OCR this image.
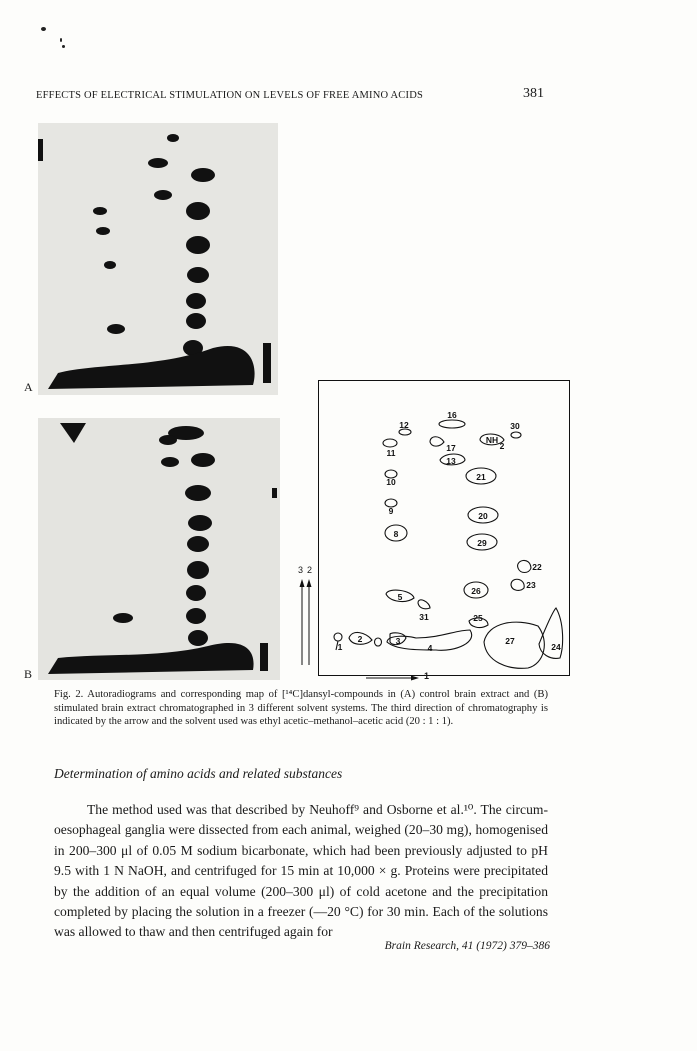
EFFECTS OF ELECTRICAL STIMULATION ON LEVELS OF FREE AMINO ACIDS	381
A
B
3 2
1
2	3
4
5
8
9
10
11
12
16
17
13
NH
2
30
21
20
29
22
23
26
31	25
27
24
1
Fig. 2. Autoradiograms and corresponding map of [¹⁴C]dansyl-compounds in (A) control brain extract and (B) stimulated brain extract chromatographed in 3 different solvent systems. The third direction of chromatography is indicated by the arrow and the solvent used was ethyl acetic–methanol–acetic acid (20 : 1 : 1).
Determination of amino acids and related substances

The method used was that described by Neuhoff⁹ and Osborne et al.¹⁰. The circum-oesophageal ganglia were dissected from each animal, weighed (20–30 mg), homogenised in 200–300 μl of 0.05 M sodium bicarbonate, which had been previously adjusted to pH 9.5 with 1 N NaOH, and centrifuged for 15 min at 10,000 × g. Proteins were precipitated by the addition of an equal volume (200–300 μl) of cold acetone and the precipitation completed by placing the solution in a freezer (—20 °C) for 30 min. Each of the solutions was allowed to thaw and then centrifuged again for

Brain Research, 41 (1972) 379–386
